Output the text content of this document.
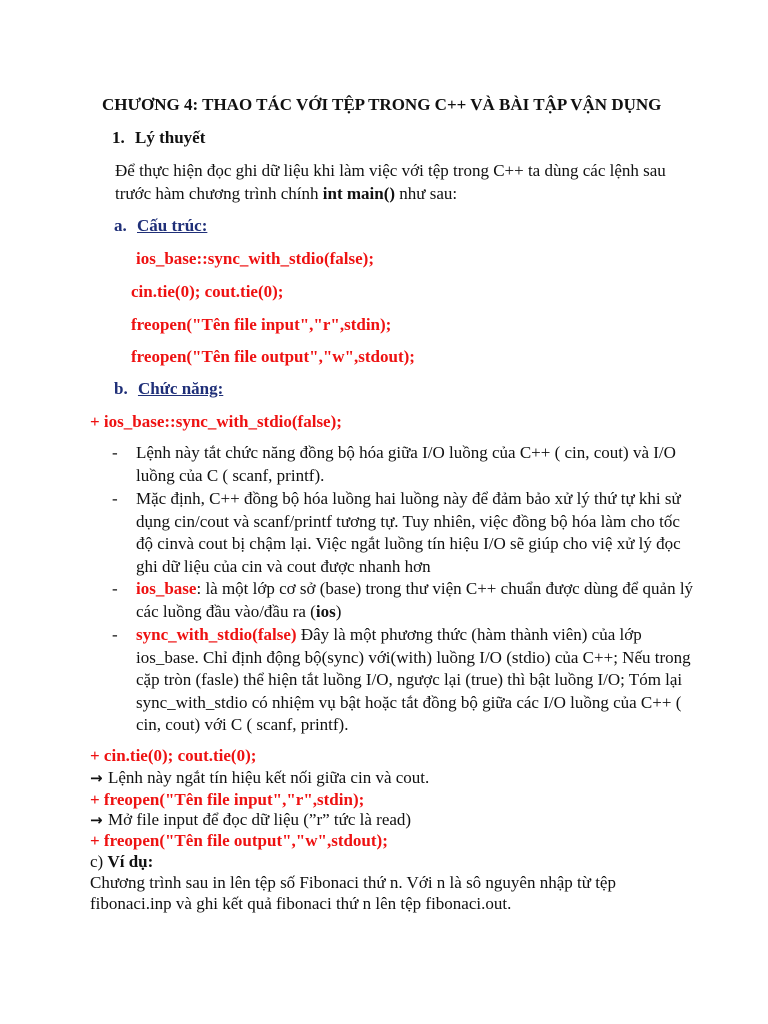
CHƯƠNG 4: THAO TÁC VỚI TỆP TRONG C++ VÀ BÀI TẬP VẬN DỤNG
1. Lý thuyết
Để thực hiện đọc ghi dữ liệu khi làm việc với tệp trong C++ ta dùng các lệnh sau
trước hàm chương trình chính int main() như sau:
a. Cấu trúc:
ios_base::sync_with_stdio(false);
cin.tie(0); cout.tie(0);
freopen("Tên file input","r",stdin);
freopen("Tên file output","w",stdout);
b. Chức năng:
+ ios_base::sync_with_stdio(false);
- Lệnh này tắt chức năng đồng bộ hóa giữa I/O luồng của C++ ( cin, cout) và I/O luồng của C ( scanf, printf).
- Mặc định, C++ đồng bộ hóa luồng hai luồng này để đảm bảo xử lý thứ tự khi sử dụng cin/cout và scanf/printf tương tự. Tuy nhiên, việc đồng bộ hóa làm cho tốc độ cinvà cout bị chậm lại. Việc ngắt luồng tín hiệu I/O sẽ giúp cho việ xử lý đọc ghi dữ liệu của cin và cout được nhanh hơn
- ios_base: là một lớp cơ sở (base) trong thư viện C++ chuẩn được dùng để quản lý các luồng đầu vào/đầu ra (ios)
- sync_with_stdio(false) Đây là một phương thức (hàm thành viên) của lớp ios_base. Chỉ định động bộ(sync) với(with) luồng I/O (stdio) của C++; Nếu trong cặp tròn (fasle) thể hiện tắt luồng I/O, ngược lại (true) thì bật luồng I/O; Tóm lại sync_with_stdio có nhiệm vụ bật hoặc tắt đồng bộ giữa các I/O luồng của C++ ( cin, cout) với C ( scanf, printf).
+ cin.tie(0); cout.tie(0);
→ Lệnh này ngắt tín hiệu kết nối giữa cin và cout.
+ freopen("Tên file input","r",stdin);
→ Mở file input để đọc dữ liệu (”r” tức là read)
+ freopen("Tên file output","w",stdout);
c) Ví dụ:
Chương trình sau in lên tệp số Fibonaci thứ n. Với n là sô nguyên nhập từ tệp
fibonaci.inp và ghi kết quả fibonaci thứ n lên tệp fibonaci.out.
